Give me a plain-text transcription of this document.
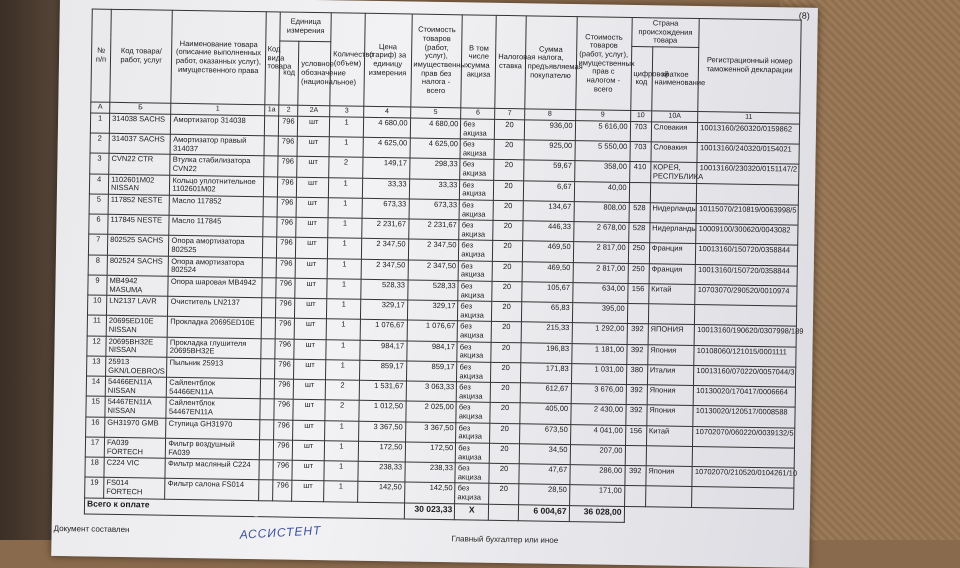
(8)
№ п/п	Код товара/ работ, услуг	Наименование товара (описание выполненных работ, оказанных услуг), имущественного права	Код вида товара	Единица измерения		Количество (объем)	Цена (тариф) за единицу измерения	Стоимость товаров (работ, услуг), имущественных прав без налога - всего	В том числе сумма акциза	Налоговая ставка	Сумма налога, предъявляемая покупателю	Стоимость товаров (работ, услуг), имущественных прав с налогом - всего	Страна происхождения товара		Регистрационный номер таможенной декларации
				код	условное обозначение (национальное)								цифровой код	краткое наименование	
А	Б	1	1а	2	2А	3	4	5	6	7	8	9	10	10А	11
1	314038 SACHS	Амортизатор 314038		796	шт	1	4 680,00	4 680,00	без акциза	20	936,00	5 616,00	703	Словакия	10013160/260320/0159862
2	314037 SACHS	Амортизатор правый 314037		796	шт	1	4 625,00	4 625,00	без акциза	20	925,00	5 550,00	703	Словакия	10013160/240320/0154021
3	CVN22 CTR	Втулка стабилизатора CVN22		796	шт	2	149,17	298,33	без акциза	20	59,67	358,00	410	КОРЕЯ, РЕСПУБЛИКА	10013160/230320/0151147/2
4	1102601M02 NISSAN	Кольцо уплотнительное 1102601M02		796	шт	1	33,33	33,33	без акциза	20	6,67	40,00			
5	117852 NESTE	Масло 117852		796	шт	1	673,33	673,33	без акциза	20	134,67	808,00	528	Нидерланды	10115070/210819/0063998/5
6	117845 NESTE	Масло 117845		796	шт	1	2 231,67	2 231,67	без акциза	20	446,33	2 678,00	528	Нидерланды	10009100/300620/0043082
7	802525 SACHS	Опора амортизатора 802525		796	шт	1	2 347,50	2 347,50	без акциза	20	469,50	2 817,00	250	Франция	10013160/150720/0358844
8	802524 SACHS	Опора амортизатора 802524		796	шт	1	2 347,50	2 347,50	без акциза	20	469,50	2 817,00	250	Франция	10013160/150720/0358844
9	MB4942 MASUMA	Опора шаровая MB4942		796	шт	1	528,33	528,33	без акциза	20	105,67	634,00	156	Китай	10703070/290520/0010974
10	LN2137 LAVR	Очиститель LN2137		796	шт	1	329,17	329,17	без акциза	20	65,83	395,00			
11	20695ED10E NISSAN	Прокладка 20695ED10E		796	шт	1	1 076,67	1 076,67	без акциза	20	215,33	1 292,00	392	ЯПОНИЯ	10013160/190620/0307998/189
12	20695BH32E NISSAN	Прокладка глушителя 20695BH32E		796	шт	1	984,17	984,17	без акциза	20	196,83	1 181,00	392	Япония	10108060/121015/0001111
13	25913 GKN/LOEBRO/S	Пыльник 25913		796	шт	1	859,17	859,17	без акциза	20	171,83	1 031,00	380	Италия	10013160/070220/0057044/3
14	54466EN11A NISSAN	Сайлентблок 54466EN11A		796	шт	2	1 531,67	3 063,33	без акциза	20	612,67	3 676,00	392	Япония	10130020/170417/0006664
15	54467EN11A NISSAN	Сайлентблок 54467EN11A		796	шт	2	1 012,50	2 025,00	без акциза	20	405,00	2 430,00	392	Япония	10130020/120517/0008588
16	GH31970 GMB	Ступица GH31970		796	шт	1	3 367,50	3 367,50	без акциза	20	673,50	4 041,00	156	Китай	10702070/060220/0039132/5
17	FA039 FORTECH	Фильтр воздушный FA039		796	шт	1	172,50	172,50	без акциза	20	34,50	207,00			
18	C224 VIC	Фильтр масляный C224		796	шт	1	238,33	238,33	без акциза	20	47,67	286,00	392	Япония	10702070/210520/0104261/10
19	FS014 FORTECH	Фильтр салона FS014		796	шт	1	142,50	142,50	без акциза	20	28,50	171,00			
Всего к оплате								30 023,33	X		6 004,67	36 028,00			
Документ составлен
Главный бухгалтер или иное
АССИСТЕНТ
